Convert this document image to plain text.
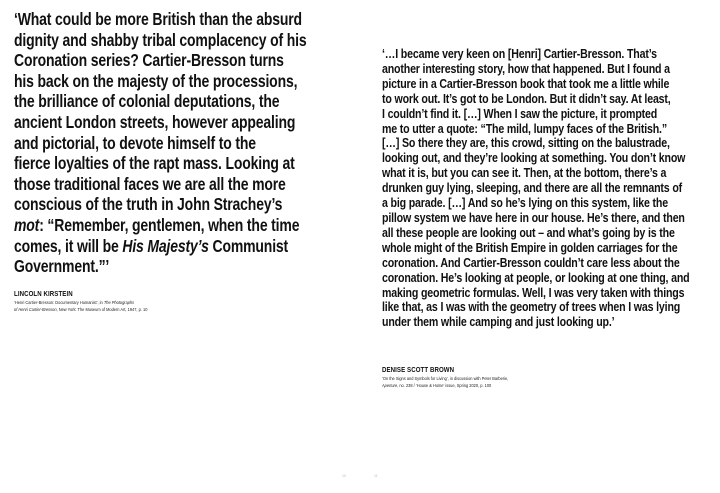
‘What could be more British than the absurd
dignity and shabby tribal complacency of his
Coronation series? Cartier-Bresson turns
his back on the majesty of the processions,
the brilliance of colonial deputations, the
ancient London streets, however appealing
and pictorial, to devote himself to the
fierce loyalties of the rapt mass. Looking at
those traditional faces we are all the more
conscious of the truth in John Strachey’s
mot: “Remember, gentlemen, when the time
comes, it will be His Majesty’s Communist
Government.”’

LINCOLN KIRSTEIN
‘Henri Cartier-Bresson: Documentary Humanist’, in The Photographs
of Henri Cartier-Bresson, New York: The Museum of Modern Art, 1947, p. 10
10

‘…I became very keen on [Henri] Cartier-Bresson. That’s
another interesting story, how that happened. But I found a
picture in a Cartier-Bresson book that took me a little while
to work out. It’s got to be London. But it didn’t say. At least,
I couldn’t find it. […] When I saw the picture, it prompted
me to utter a quote: “The mild, lumpy faces of the British.”
[…] So there they are, this crowd, sitting on the balustrade,
looking out, and they’re looking at something. You don’t know
what it is, but you can see it. Then, at the bottom, there’s a
drunken guy lying, sleeping, and there are all the remnants of
a big parade. […] And so he’s lying on this system, like the
pillow system we have here in our house. He’s there, and then
all these people are looking out – and what’s going by is the
whole might of the British Empire in golden carriages for the
coronation. And Cartier-Bresson couldn’t care less about the
coronation. He’s looking at people, or looking at one thing, and
making geometric formulas. Well, I was very taken with things
like that, as I was with the geometry of trees when I was lying
under them while camping and just looking up.’

DENISE SCOTT BROWN
‘On the Signs and Symbols for Living’, in discussion with Peter Barberie,
Aperture, no. 238 / ‘House & Home’ issue, Spring 2020, p. 100
11
